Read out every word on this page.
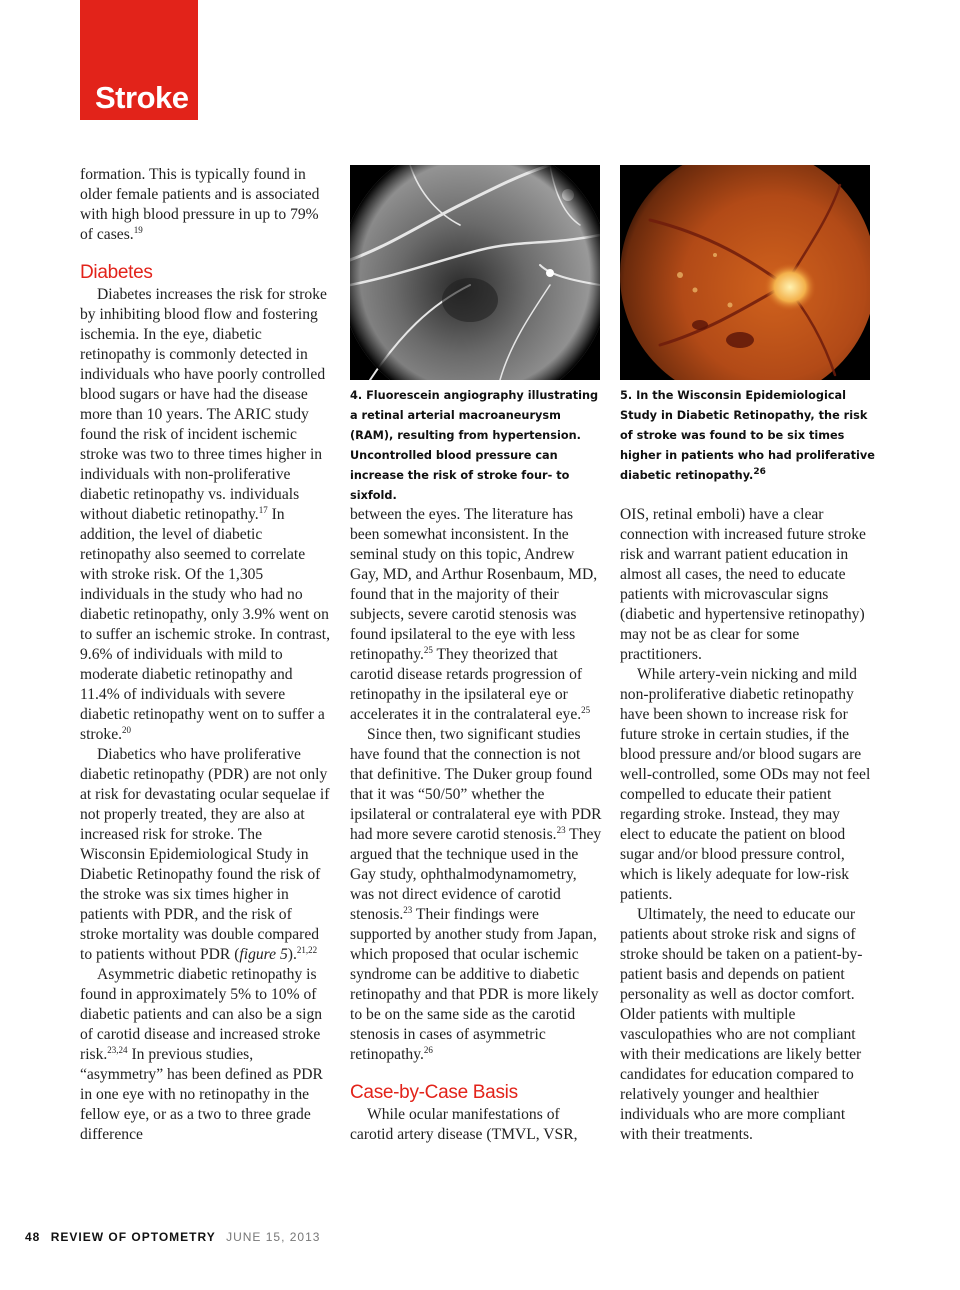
Stroke

formation. This is typically found in older female patients and is associated with high blood pressure in up to 79% of cases.$^{19}$

Diabetes

Diabetes increases the risk for stroke by inhibiting blood flow and fostering ischemia. In the eye, diabetic retinopathy is commonly detected in individuals who have poorly controlled blood sugars or have had the disease more than 10 years. The ARIC study found the risk of incident ischemic stroke was two to three times higher in individuals with non-proliferative diabetic retinopathy vs. individuals without diabetic retinopathy.$^{17}$ In addition, the level of diabetic retinopathy also seemed to correlate with stroke risk. Of the 1,305 individuals in the study who had no diabetic retinopathy, only 3.9% went on to suffer an ischemic stroke. In contrast, 9.6% of individuals with mild to moderate diabetic retinopathy and 11.4% of individuals with severe diabetic retinopathy went on to suffer a stroke.$^{20}$

Diabetics who have proliferative diabetic retinopathy (PDR) are not only at risk for devastating ocular sequelae if not properly treated, they are also at increased risk for stroke. The Wisconsin Epidemiological Study in Diabetic Retinopathy found the risk of the stroke was six times higher in patients with PDR, and the risk of stroke mortality was double compared to patients without PDR (figure 5).$^{21,22}$

Asymmetric diabetic retinopathy is found in approximately 5% to 10% of diabetic patients and can also be a sign of carotid disease and increased stroke risk.$^{23,24}$ In previous studies, “asymmetry” has been defined as PDR in one eye with no retinopathy in the fellow eye, or as a two to three grade difference

4. Fluorescein angiography illustrating a retinal arterial macroaneurysm (RAM), resulting from hypertension. Uncontrolled blood pressure can increase the risk of stroke four- to sixfold.
5. In the Wisconsin Epidemiological Study in Diabetic Retinopathy, the risk of stroke was found to be six times higher in patients who had proliferative diabetic retinopathy.$^{26}$

between the eyes. The literature has been somewhat inconsistent. In the seminal study on this topic, Andrew Gay, MD, and Arthur Rosenbaum, MD, found that in the majority of their subjects, severe carotid stenosis was found ipsilateral to the eye with less retinopathy.$^{25}$ They theorized that carotid disease retards progression of retinopathy in the ipsilateral eye or accelerates it in the contralateral eye.$^{25}$

Since then, two significant studies have found that the connection is not that definitive. The Duker group found that it was “50/50” whether the ipsilateral or contralateral eye with PDR had more severe carotid stenosis.$^{23}$ They argued that the technique used in the Gay study, ophthalmodynamometry, was not direct evidence of carotid stenosis.$^{23}$ Their findings were supported by another study from Japan, which proposed that ocular ischemic syndrome can be additive to diabetic retinopathy and that PDR is more likely to be on the same side as the carotid stenosis in cases of asymmetric retinopathy.$^{26}$

Case-by-Case Basis

While ocular manifestations of carotid artery disease (TMVL, VSR,

OIS, retinal emboli) have a clear connection with increased future stroke risk and warrant patient education in almost all cases, the need to educate patients with microvascular signs (diabetic and hypertensive retinopathy) may not be as clear for some practitioners.

While artery-vein nicking and mild non-proliferative diabetic retinopathy have been shown to increase risk for future stroke in certain studies, if the blood pressure and/or blood sugars are well-controlled, some ODs may not feel compelled to educate their patient regarding stroke. Instead, they may elect to educate the patient on blood sugar and/or blood pressure control, which is likely adequate for low-risk patients.

Ultimately, the need to educate our patients about stroke risk and signs of stroke should be taken on a patient-by-patient basis and depends on patient personality as well as doctor comfort. Older patients with multiple vasculopathies who are not compliant with their medications are likely better candidates for education compared to relatively younger and healthier individuals who are more compliant with their treatments.

48 REVIEW OF OPTOMETRY JUNE 15, 2013
